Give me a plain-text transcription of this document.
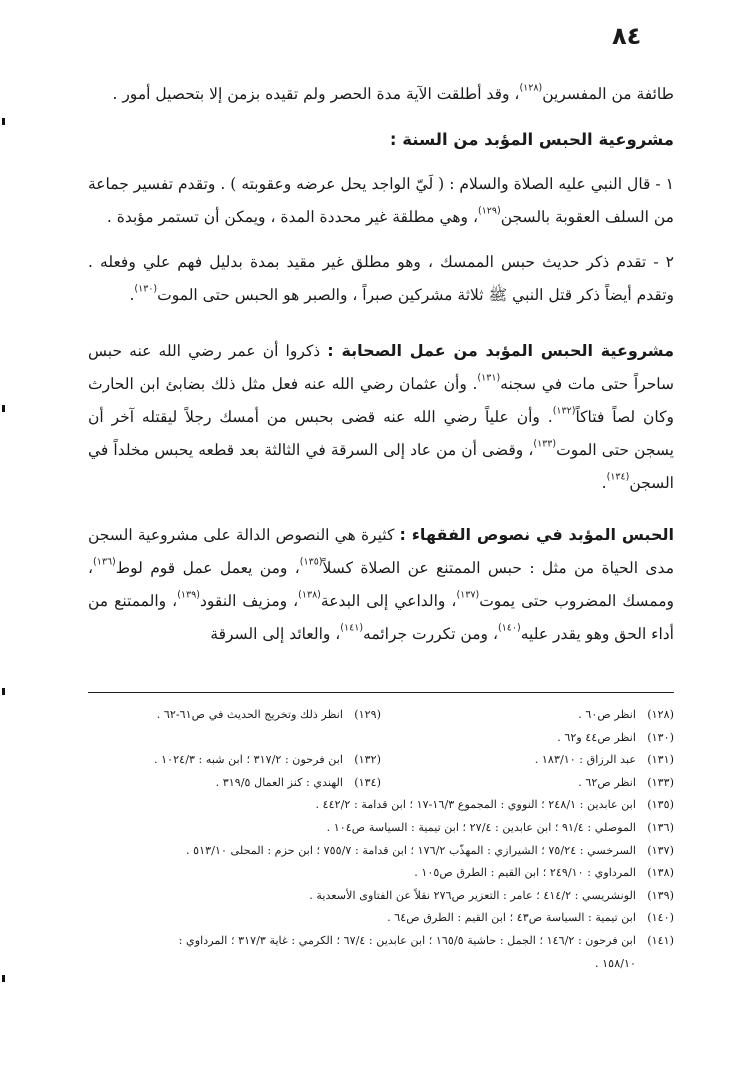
٨٤

طائفة من المفسرين$^{(١٢٨)}$، وقد أطلقت الآية مدة الحصر ولم تقيده بزمن إلا بتحصيل أمور .

مشروعية الحبس المؤبد من السنة :

١ - قال النبي عليه الصلاة والسلام : ( لَيّ الواجد يحل عرضه وعقوبته ) . وتقدم تفسير جماعة من السلف العقوبة بالسجن$^{(١٢٩)}$، وهي مطلقة غير محددة المدة ، ويمكن أن تستمر مؤبدة .

٢ - تقدم ذكر حديث حبس الممسك ، وهو مطلق غير مقيد بمدة بدليل فهم علي وفعله . وتقدم أيضاً ذكر قتل النبي ﷺ ثلاثة مشركين صبراً ، والصبر هو الحبس حتى الموت$^{(١٣٠)}$.

مشروعية الحبس المؤبد من عمل الصحابة : ذكروا أن عمر رضي الله عنه حبس ساحراً حتى مات في سجنه$^{(١٣١)}$. وأن عثمان رضي الله عنه فعل مثل ذلك بضابئ ابن الحارث وكان لصاً فتاكاً$^{(١٣٢)}$. وأن علياً رضي الله عنه قضى بحبس من أمسك رجلاً ليقتله آخر أن يسجن حتى الموت$^{(١٣٣)}$، وقضى أن من عاد إلى السرقة في الثالثة بعد قطعه يحبس مخلداً في السجن$^{(١٣٤)}$.

الحبس المؤبد في نصوص الفقهاء : كثيرة هي النصوص الدالة على مشروعية السجن مدى الحياة من مثل : حبس الممتنع عن الصلاة كسلاً$^{(١٣٥)}$، ومن يعمل عمل قوم لوط$^{(١٣٦)}$، وممسك المضروب حتى يموت$^{(١٣٧)}$، والداعي إلى البدعة$^{(١٣٨)}$، ومزيف النقود$^{(١٣٩)}$، والممتنع من أداء الحق وهو يقدر عليه$^{(١٤٠)}$، ومن تكررت جرائمه$^{(١٤١)}$، والعائد إلى السرقة

(١٢٨)انظر ص٦٠ .
(١٢٩)انظر ذلك وتخريج الحديث في ص٦١-٦٢ .
(١٣٠)انظر ص٤٤ و٦٢ .
(١٣١)عبد الرزاق : ١٨٣/١٠ .
(١٣٢)ابن فرحون : ٣١٧/٢ ؛ ابن شبه : ١٠٢٤/٣ .
(١٣٣)انظر ص٦٢ .
(١٣٤)الهندي : كنز العمال ٣١٩/٥ .
(١٣٥)ابن عابدين : ٢٤٨/١ ؛ النووي : المجموع ١٦/٣-١٧ ؛ ابن قدامة : ٤٤٢/٢ .
(١٣٦)الموصلي : ٩١/٤ ؛ ابن عابدين : ٢٧/٤ ؛ ابن تيمية : السياسة ص١٠٤ .
(١٣٧)السرخسي : ٧٥/٢٤ ؛ الشيرازي : المهذّب ١٧٦/٢ ؛ ابن قدامة : ٧٥٥/٧ ؛ ابن حزم : المحلى ٥١٣/١٠ .
(١٣٨)المرداوي : ٢٤٩/١٠ ؛ ابن القيم : الطرق ص١٠٥ .
(١٣٩)الونشريسي : ٤١٤/٢ ؛ عامر : التعزير ص٢٧٦ نقلاً عن الفتاوى الأسعدية .
(١٤٠)ابن تيمية : السياسة ص٤٣ ؛ ابن القيم : الطرق ص٦٤ .
(١٤١)ابن فرحون : ١٤٦/٢ ؛ الجمل : حاشية ١٦٥/٥ ؛ ابن عابدين : ٦٧/٤ ؛ الكرمي : غاية ٣١٧/٣ ؛ المرداوي :
١٥٨/١٠ .
